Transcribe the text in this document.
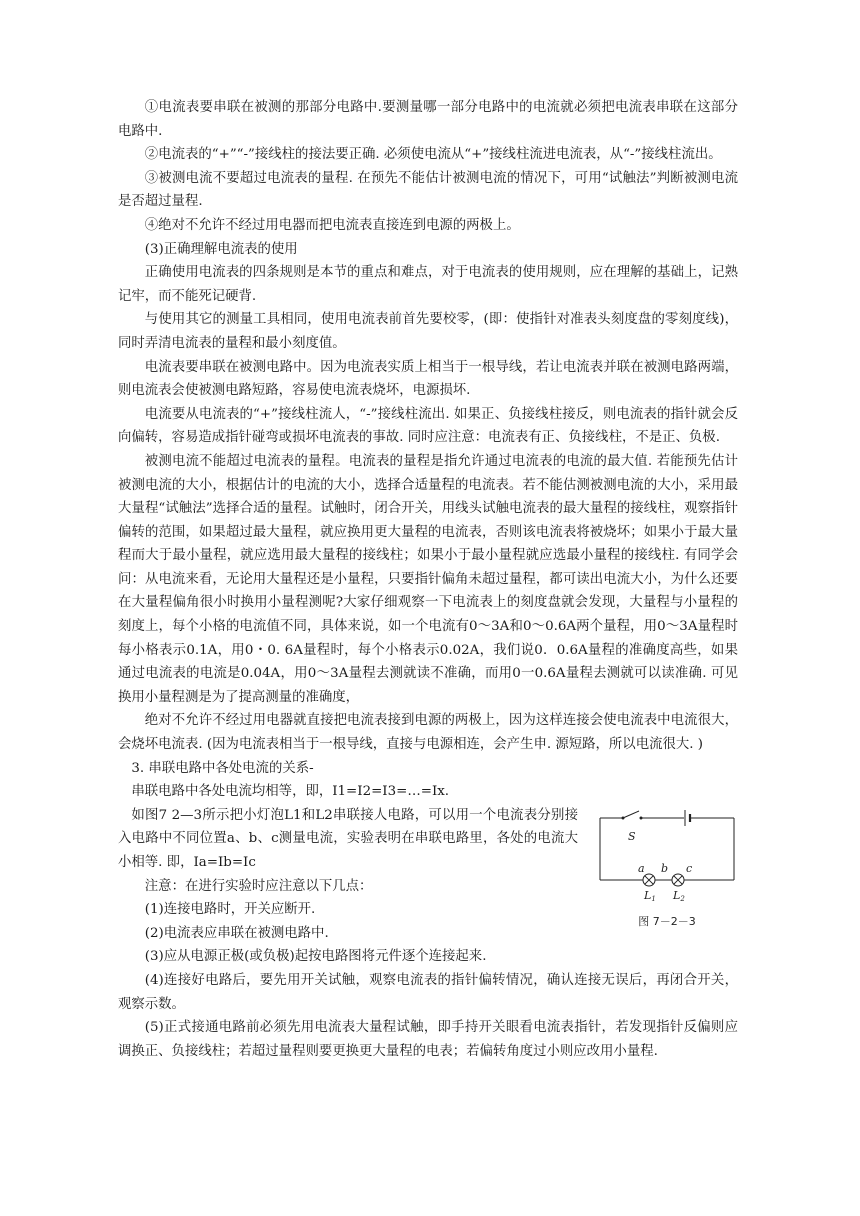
①电流表要串联在被测的那部分电路中.要测量哪一部分电路中的电流就必须把电流表串联在这部分电路中.

②电流表的“+”“-”接线柱的接法要正确. 必须使电流从“+”接线柱流进电流表，从“-”接线柱流出。

③被测电流不要超过电流表的量程. 在预先不能估计被测电流的情况下，可用“试触法”判断被测电流是否超过量程.

④绝对不允许不经过用电器而把电流表直接连到电源的两极上。

(3)正确理解电流表的使用

正确使用电流表的四条规则是本节的重点和难点，对于电流表的使用规则，应在理解的基础上，记熟记牢，而不能死记硬背.

与使用其它的测量工具相同，使用电流表前首先要校零，(即：使指针对准表头刻度盘的零刻度线)，同时弄清电流表的量程和最小刻度值。

电流表要串联在被测电路中。因为电流表实质上相当于一根导线，若让电流表并联在被测电路两端，则电流表会使被测电路短路，容易使电流表烧坏，电源损坏.

电流要从电流表的“+”接线柱流人，“-”接线柱流出. 如果正、负接线柱接反，则电流表的指针就会反向偏转，容易造成指针碰弯或损坏电流表的事故. 同时应注意：电流表有正、负接线柱，不是正、负极.

被测电流不能超过电流表的量程。电流表的量程是指允许通过电流表的电流的最大值. 若能预先估计被测电流的大小，根据估计的电流的大小，选择合适量程的电流表。若不能估测被测电流的大小，采用最大量程“试触法”选择合适的量程。试触时，闭合开关，用线头试触电流表的最大量程的接线柱，观察指针偏转的范围，如果超过最大量程，就应换用更大量程的电流表，否则该电流表将被烧坏；如果小于最大量程而大于最小量程，就应选用最大量程的接线柱；如果小于最小量程就应选最小量程的接线柱. 有同学会问：从电流来看，无论用大量程还是小量程，只要指针偏角未超过量程，都可读出电流大小，为什么还要在大量程偏角很小时换用小量程测呢?大家仔细观察一下电流表上的刻度盘就会发现，大量程与小量程的刻度上，每个小格的电流值不同，具体来说，如一个电流有0～3A和0～0.6A两个量程，用0～3A量程时每小格表示0.1A，用0・0. 6A量程时，每个小格表示0.02A，我们说0．0.6A量程的准确度高些，如果通过电流表的电流是0.04A，用0～3A量程去测就读不准确，而用0一0.6A量程去测就可以读准确. 可见换用小量程测是为了提高测量的准确度，

绝对不允许不经过用电器就直接把电流表接到电源的两极上，因为这样连接会使电流表中电流很大，会烧坏电流表. (因为电流表相当于一根导线，直接与电源相连，会产生申. 源短路，所以电流很大. )

3. 串联电路中各处电流的关系-

串联电路中各处电流均相等，即，I1=I2=I3=…=Ix.

S
a b c
L1 L2
图 7－2－3
如图7 2—3所示把小灯泡L1和L2串联接人电路，可以用一个电流表分别接入电路中不同位置a、b、c测量电流，实验表明在串联电路里，各处的电流大小相等. 即，Ia=Ib=Ic

注意：在进行实验时应注意以下几点：

(1)连接电路时，开关应断开.

(2)电流表应串联在被测电路中.

(3)应从电源正极(或负极)起按电路图将元件逐个连接起来.

(4)连接好电路后，要先用开关试触，观察电流表的指针偏转情况，确认连接无误后，再闭合开关，观察示数。

(5)正式接通电路前必须先用电流表大量程试触，即手持开关眼看电流表指针，若发现指针反偏则应调换正、负接线柱；若超过量程则要更换更大量程的电表；若偏转角度过小则应改用小量程.
